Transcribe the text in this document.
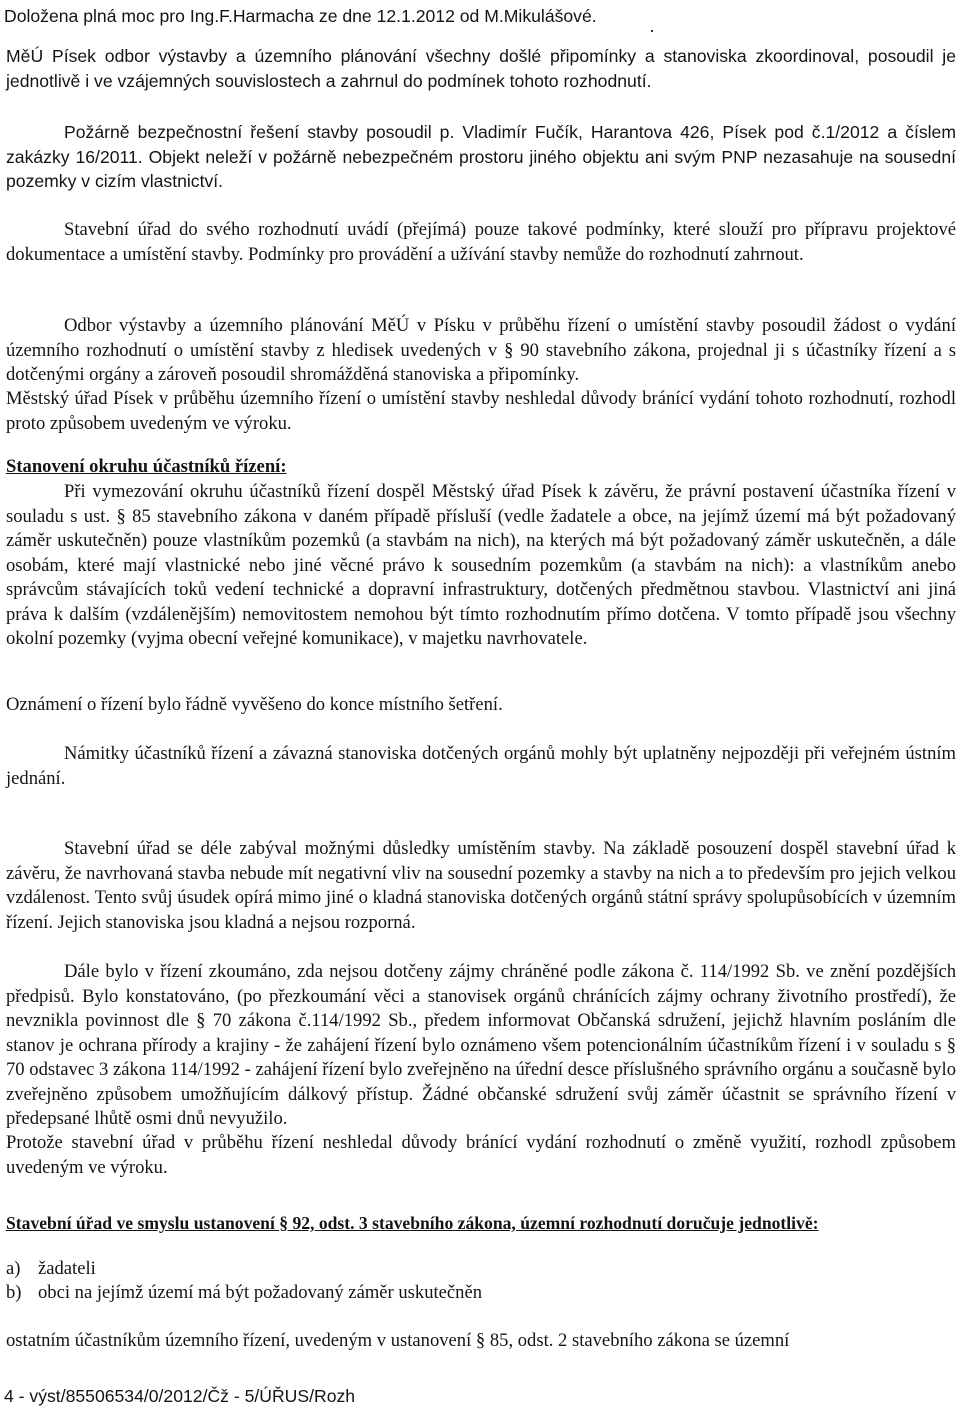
Doložena plná moc pro Ing.F.Harmacha ze dne 12.1.2012 od M.Mikulášové.

MěÚ Písek odbor výstavby a územního plánování všechny došlé připomínky a stanoviska zkoordinoval, posoudil je jednotlivě i ve vzájemných souvislostech a zahrnul do podmínek tohoto rozhodnutí.

Požárně bezpečnostní řešení stavby posoudil p. Vladimír Fučík, Harantova 426, Písek pod č.1/2012 a číslem zakázky 16/2011. Objekt neleží v požárně nebezpečném prostoru jiného objektu ani svým PNP nezasahuje na sousední pozemky v cizím vlastnictví.

Stavební úřad do svého rozhodnutí uvádí (přejímá) pouze takové podmínky, které slouží pro přípravu projektové dokumentace a umístění stavby. Podmínky pro provádění a užívání stavby nemůže do rozhodnutí zahrnout.

Odbor výstavby a územního plánování MěÚ v Písku v průběhu řízení o umístění stavby posoudil žádost o vydání územního rozhodnutí o umístění stavby z hledisek uvedených v § 90 stavebního zákona, projednal ji s účastníky řízení a s dotčenými orgány a zároveň posoudil shromážděná stanoviska a připomínky.

Městský úřad Písek v průběhu územního řízení o umístění stavby neshledal důvody bránící vydání tohoto rozhodnutí, rozhodl proto způsobem uvedeným ve výroku.

Stanovení okruhu účastníků řízení:

Při vymezování okruhu účastníků řízení dospěl Městský úřad Písek k závěru, že právní postavení účastníka řízení v souladu s ust. § 85 stavebního zákona v daném případě přísluší (vedle žadatele a obce, na jejímž území má být požadovaný záměr uskutečněn) pouze vlastníkům pozemků (a stavbám na nich), na kterých má být požadovaný záměr uskutečněn, a dále osobám, které mají vlastnické nebo jiné věcné právo k sousedním pozemkům (a stavbám na nich): a vlastníkům anebo správcům stávajících toků vedení technické a dopravní infrastruktury, dotčených předmětnou stavbou. Vlastnictví ani jiná práva k dalším (vzdálenějším) nemovitostem nemohou být tímto rozhodnutím přímo dotčena. V tomto případě jsou všechny okolní pozemky (vyjma obecní veřejné komunikace), v majetku navrhovatele.

Oznámení o řízení bylo řádně vyvěšeno do konce místního šetření.

Námitky účastníků řízení a závazná stanoviska dotčených orgánů mohly být uplatněny nejpozději při veřejném ústním jednání.

Stavební úřad se déle zabýval možnými důsledky umístěním stavby. Na základě posouzení dospěl stavební úřad k závěru, že navrhovaná stavba nebude mít negativní vliv na sousední pozemky a stavby na nich a to především pro jejich velkou vzdálenost. Tento svůj úsudek opírá mimo jiné o kladná stanoviska dotčených orgánů státní správy spolupůsobících v územním řízení. Jejich stanoviska jsou kladná a nejsou rozporná.

Dále bylo v řízení zkoumáno, zda nejsou dotčeny zájmy chráněné podle zákona č. 114/1992 Sb. ve znění pozdějších předpisů. Bylo konstatováno, (po přezkoumání věci a stanovisek orgánů chránících zájmy ochrany životního prostředí), že nevznikla povinnost dle § 70 zákona č.114/1992 Sb., předem informovat Občanská sdružení, jejichž hlavním posláním dle stanov je ochrana přírody a krajiny - že zahájení řízení bylo oznámeno všem potencionálním účastníkům řízení i v souladu s § 70 odstavec 3 zákona 114/1992 - zahájení řízení bylo zveřejněno na úřední desce příslušného správního orgánu a současně bylo zveřejněno způsobem umožňujícím dálkový přístup. Žádné občanské sdružení svůj záměr účastnit se správního řízení v předepsané lhůtě osmi dnů nevyužilo.

Protože stavební úřad v průběhu řízení neshledal důvody bránící vydání rozhodnutí o změně využití, rozhodl způsobem uvedeným ve výroku.

Stavební úřad ve smyslu ustanovení § 92, odst. 3 stavebního zákona, územní rozhodnutí doručuje jednotlivě:

a) žadateli
b) obci na jejímž území má být požadovaný záměr uskutečněn

ostatním účastníkům územního řízení, uvedeným v ustanovení § 85, odst. 2 stavebního zákona se územní

4 - výst/85506534/0/2012/Čž - 5/ÚŘUS/Rozh
